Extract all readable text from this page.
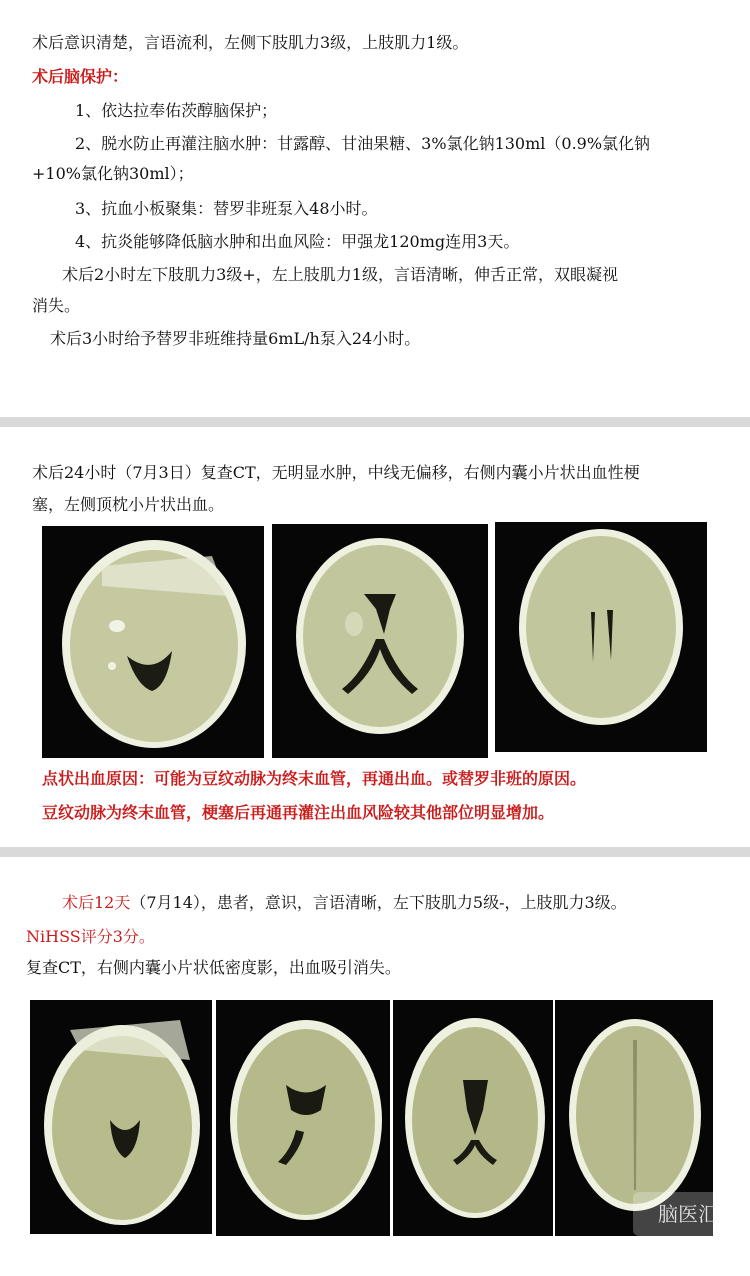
术后意识清楚，言语流利，左侧下肢肌力3级，上肢肌力1级。
术后脑保护：
1、依达拉奉佑茨醇脑保护；
2、脱水防止再灌注脑水肿：甘露醇、甘油果糖、3%氯化钠130ml（0.9%氯化钠
+10%氯化钠30ml）；
3、抗血小板聚集：替罗非班泵入48小时。
4、抗炎能够降低脑水肿和出血风险：甲强龙120mg连用3天。
术后2小时左下肢肌力3级+，左上肢肌力1级，言语清晰，伸舌正常，双眼凝视
消失。
术后3小时给予替罗非班维持量6mL/h泵入24小时。
术后24小时（7月3日）复查CT，无明显水肿，中线无偏移，右侧内囊小片状出血性梗
塞，左侧顶枕小片状出血。
点状出血原因：可能为豆纹动脉为终末血管，再通出血。或替罗非班的原因。
豆纹动脉为终末血管，梗塞后再通再灌注出血风险较其他部位明显增加。
术后12天（7月14），患者，意识，言语清晰，左下肢肌力5级-，上肢肌力3级。
NiHSS评分3分。
复查CT，右侧内囊小片状低密度影，出血吸引消失。
脑医汇
